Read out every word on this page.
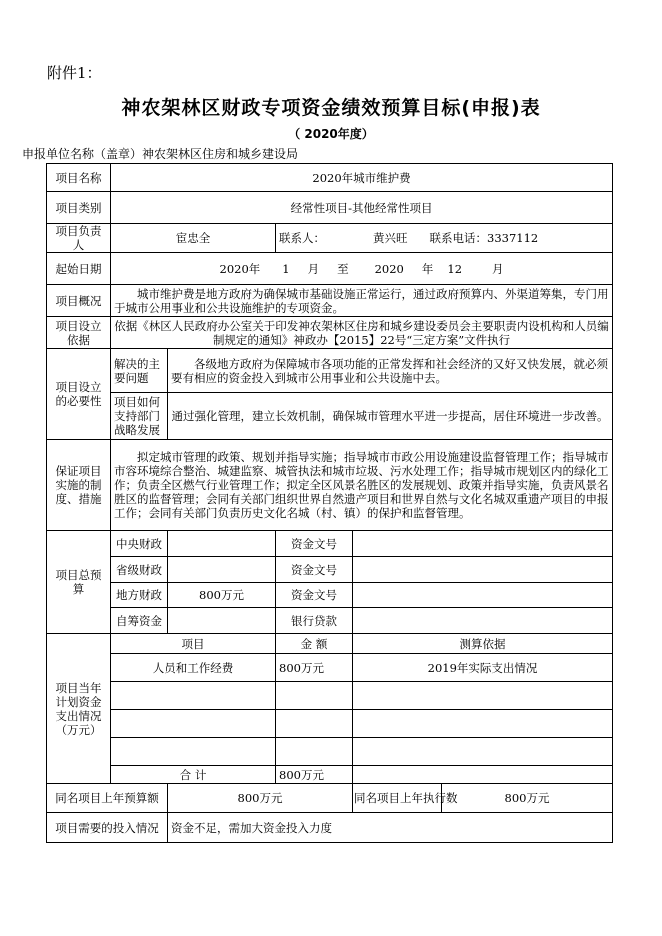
附件1：
神农架林区财政专项资金绩效预算目标(申报)表
（ 2020年度）
申报单位名称（盖章）神农架林区住房和城乡建设局
项目名称	2020年城市维护费				
项目类别	经常性项目-其他经常性项目				
项目负责人	宦忠全		联系人： 黄兴旺 联系电话：3337112		
起始日期	2020年 1 月 至 2020 年 12 月				
项目概况	城市维护费是地方政府为确保城市基础设施正常运行，通过政府预算内、外渠道筹集，专门用于城市公用事业和公共设施维护的专项资金。				
项目设立依据	依据《林区人民政府办公室关于印发神农架林区住房和城乡建设委员会主要职责内设机构和人员编制规定的通知》神政办【2015】22号“三定方案”文件执行				
项目设立的必要性	解决的主要问题	各级地方政府为保障城市各项功能的正常发挥和社会经济的又好又快发展，就必须要有相应的资金投入到城市公用事业和公共设施中去。			
	项目如何支持部门战略发展	通过强化管理，建立长效机制，确保城市管理水平进一步提高，居住环境进一步改善。			
保证项目实施的制度、措施	拟定城市管理的政策、规划并指导实施；指导城市市政公用设施建设监督管理工作；指导城市市容环境综合整治、城建监察、城管执法和城市垃圾、污水处理工作；指导城市规划区内的绿化工作；负责全区燃气行业管理工作；拟定全区风景名胜区的发展规划、政策并指导实施，负责风景名胜区的监督管理；会同有关部门组织世界自然遗产项目和世界自然与文化名城双重遗产项目的申报工作；会同有关部门负责历史文化名城（村、镇）的保护和监督管理。				
项目总预算	中央财政		资金文号		
	省级财政		资金文号		
	地方财政	800万元	资金文号		
	自筹资金		银行贷款		
项目当年计划资金支出情况（万元）	项目		金 额	测算依据	
	人员和工作经费		800万元	2019年实际支出情况	

	合 计		800万元		
同名项目上年预算额		800万元		同名项目上年执行数	800万元
项目需要的投入情况		资金不足，需加大资金投入力度			
